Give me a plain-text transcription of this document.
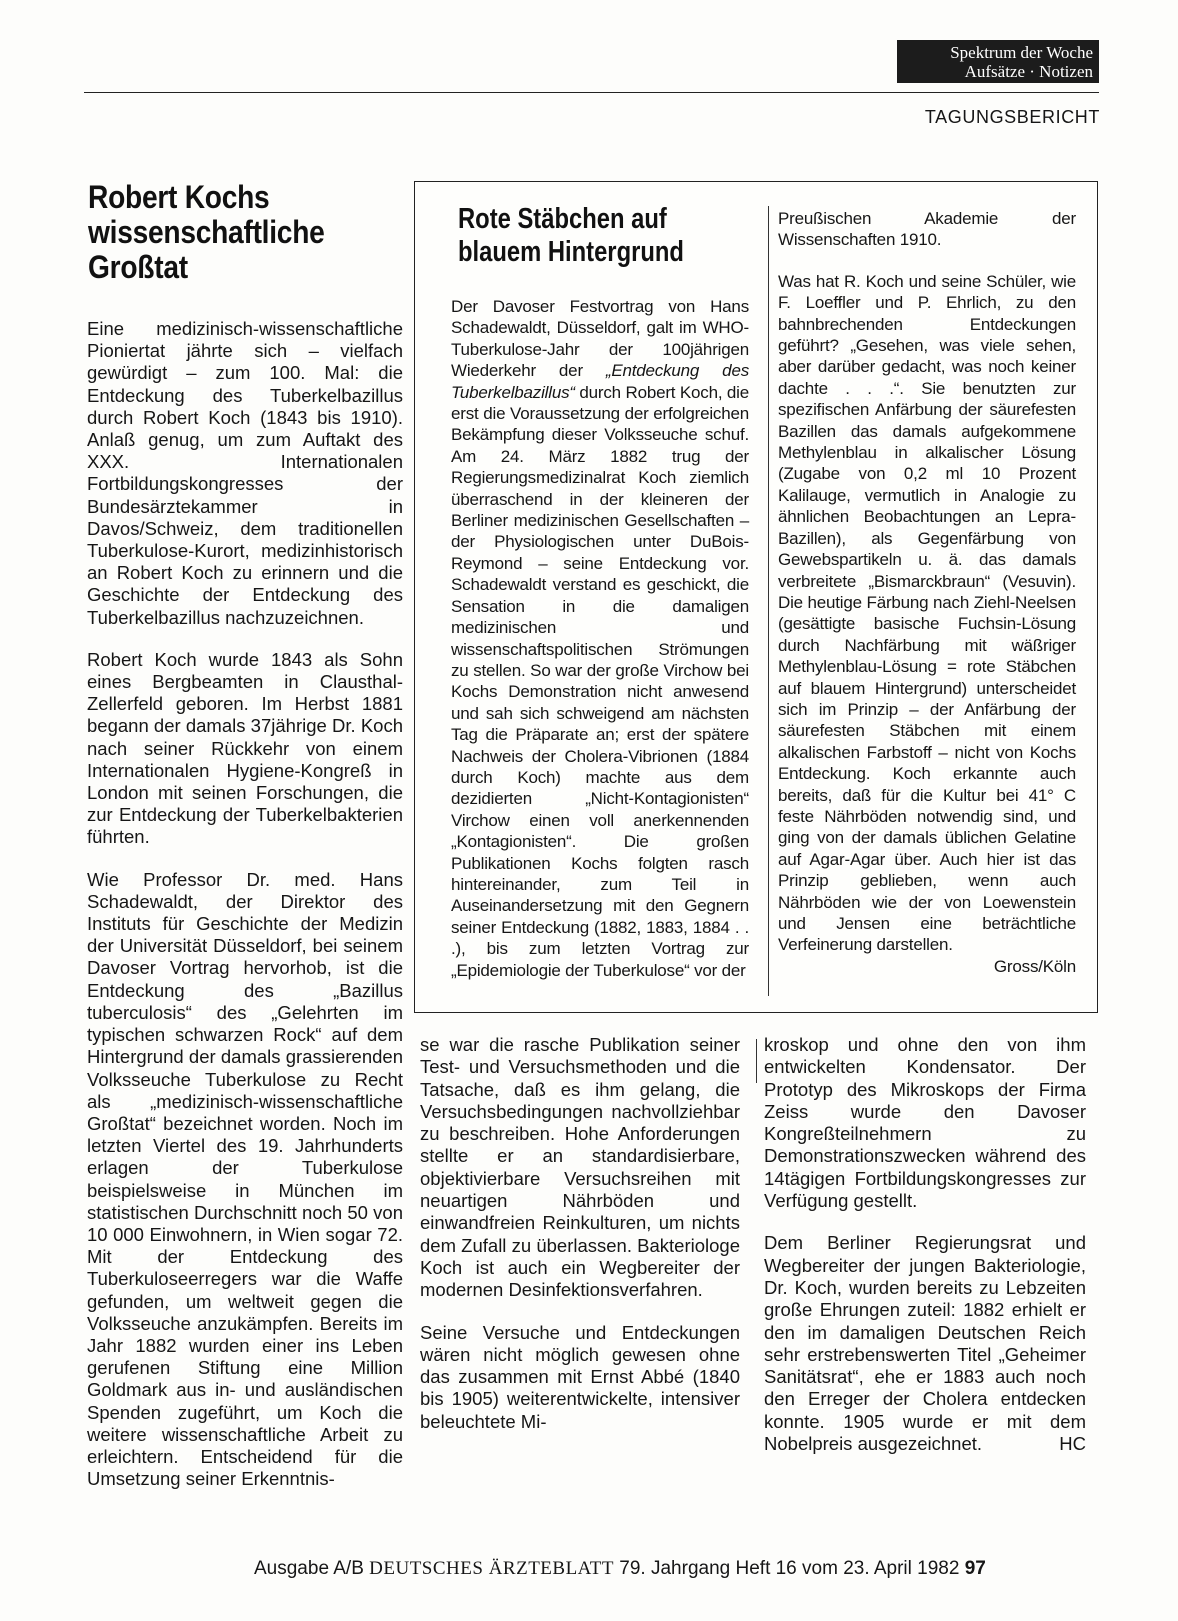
Spektrum der Woche
Aufsätze · Notizen
TAGUNGSBERICHT
Robert Kochs wissenschaftliche Großtat

Eine medizinisch-wissenschaftliche Pioniertat jährte sich – vielfach gewürdigt – zum 100. Mal: die Entdeckung des Tuberkelbazillus durch Robert Koch (1843 bis 1910). Anlaß genug, um zum Auftakt des XXX. Internationalen Fortbildungskongresses der Bundesärztekammer in Davos/Schweiz, dem traditionellen Tuberkulose-Kurort, medizinhistorisch an Robert Koch zu erinnern und die Geschichte der Entdeckung des Tuberkelbazillus nachzuzeichnen.

Robert Koch wurde 1843 als Sohn eines Bergbeamten in Clausthal-Zellerfeld geboren. Im Herbst 1881 begann der damals 37jährige Dr. Koch nach seiner Rückkehr von einem Internationalen Hygiene-Kongreß in London mit seinen Forschungen, die zur Entdeckung der Tuberkelbakterien führten.

Wie Professor Dr. med. Hans Schadewaldt, der Direktor des Instituts für Geschichte der Medizin der Universität Düsseldorf, bei seinem Davoser Vortrag hervorhob, ist die Entdeckung des „Bazillus tuberculosis“ des „Gelehrten im typischen schwarzen Rock“ auf dem Hintergrund der damals grassierenden Volksseuche Tuberkulose zu Recht als „medizinisch-wissenschaftliche Großtat“ bezeichnet worden. Noch im letzten Viertel des 19. Jahrhunderts erlagen der Tuberkulose beispielsweise in München im statistischen Durchschnitt noch 50 von 10 000 Einwohnern, in Wien sogar 72. Mit der Entdeckung des Tuberkuloseerregers war die Waffe gefunden, um weltweit gegen die Volksseuche anzukämpfen. Bereits im Jahr 1882 wurden einer ins Leben gerufenen Stiftung eine Million Goldmark aus in- und ausländischen Spenden zugeführt, um Koch die weitere wissenschaftliche Arbeit zu erleichtern. Entscheidend für die Umsetzung seiner Erkenntnis-

Rote Stäbchen auf blauem Hintergrund

Der Davoser Festvortrag von Hans Schadewaldt, Düsseldorf, galt im WHO-Tuberkulose-Jahr der 100jährigen Wiederkehr der „Entdeckung des Tuberkelbazillus“ durch Robert Koch, die erst die Voraussetzung der erfolgreichen Bekämpfung dieser Volksseuche schuf. Am 24. März 1882 trug der Regierungsmedizinalrat Koch ziemlich überraschend in der kleineren der Berliner medizinischen Gesellschaften – der Physiologischen unter DuBois-Reymond – seine Entdeckung vor. Schadewaldt verstand es geschickt, die Sensation in die damaligen medizinischen und wissenschaftspolitischen Strömungen zu stellen. So war der große Virchow bei Kochs Demonstration nicht anwesend und sah sich schweigend am nächsten Tag die Präparate an; erst der spätere Nachweis der Cholera-Vibrionen (1884 durch Koch) machte aus dem dezidierten „Nicht-Kontagionisten“ Virchow einen voll anerkennenden „Kontagionisten“. Die großen Publikationen Kochs folgten rasch hintereinander, zum Teil in Auseinandersetzung mit den Gegnern seiner Entdeckung (1882, 1883, 1884 . . .), bis zum letzten Vortrag zur „Epidemiologie der Tuberkulose“ vor der

Preußischen Akademie der Wissenschaften 1910.

Was hat R. Koch und seine Schüler, wie F. Loeffler und P. Ehrlich, zu den bahnbrechenden Entdeckungen geführt? „Gesehen, was viele sehen, aber darüber gedacht, was noch keiner dachte . . .“. Sie benutzten zur spezifischen Anfärbung der säurefesten Bazillen das damals aufgekommene Methylenblau in alkalischer Lösung (Zugabe von 0,2 ml 10 Prozent Kalilauge, vermutlich in Analogie zu ähnlichen Beobachtungen an Lepra-Bazillen), als Gegenfärbung von Gewebspartikeln u. ä. das damals verbreitete „Bismarckbraun“ (Vesuvin). Die heutige Färbung nach Ziehl-Neelsen (gesättigte basische Fuchsin-Lösung durch Nachfärbung mit wäßriger Methylenblau-Lösung = rote Stäbchen auf blauem Hintergrund) unterscheidet sich im Prinzip – der Anfärbung der säurefesten Stäbchen mit einem alkalischen Farbstoff – nicht von Kochs Entdeckung. Koch erkannte auch bereits, daß für die Kultur bei 41° C feste Nährböden notwendig sind, und ging von der damals üblichen Gelatine auf Agar-Agar über. Auch hier ist das Prinzip geblieben, wenn auch Nährböden wie der von Loewenstein und Jensen eine beträchtliche Verfeinerung darstellen.

Gross/Köln

se war die rasche Publikation seiner Test- und Versuchsmethoden und die Tatsache, daß es ihm gelang, die Versuchsbedingungen nachvollziehbar zu beschreiben. Hohe Anforderungen stellte er an standardisierbare, objektivierbare Versuchsreihen mit neuartigen Nährböden und einwandfreien Reinkulturen, um nichts dem Zufall zu überlassen. Bakteriologe Koch ist auch ein Wegbereiter der modernen Desinfektionsverfahren.

Seine Versuche und Entdeckungen wären nicht möglich gewesen ohne das zusammen mit Ernst Abbé (1840 bis 1905) weiterentwickelte, intensiver beleuchtete Mi-

kroskop und ohne den von ihm entwickelten Kondensator. Der Prototyp des Mikroskops der Firma Zeiss wurde den Davoser Kongreßteilnehmern zu Demonstrationszwecken während des 14tägigen Fortbildungskongresses zur Verfügung gestellt.

Dem Berliner Regierungsrat und Wegbereiter der jungen Bakteriologie, Dr. Koch, wurden bereits zu Lebzeiten große Ehrungen zuteil: 1882 erhielt er den im damaligen Deutschen Reich sehr erstrebenswerten Titel „Geheimer Sanitätsrat“, ehe er 1883 auch noch den Erreger der Cholera entdecken konnte. 1905 wurde er mit dem Nobelpreis ausgezeichnet.	HC

Ausgabe A/B DEUTSCHES ÄRZTEBLATT 79. Jahrgang Heft 16 vom 23. April 1982 97
